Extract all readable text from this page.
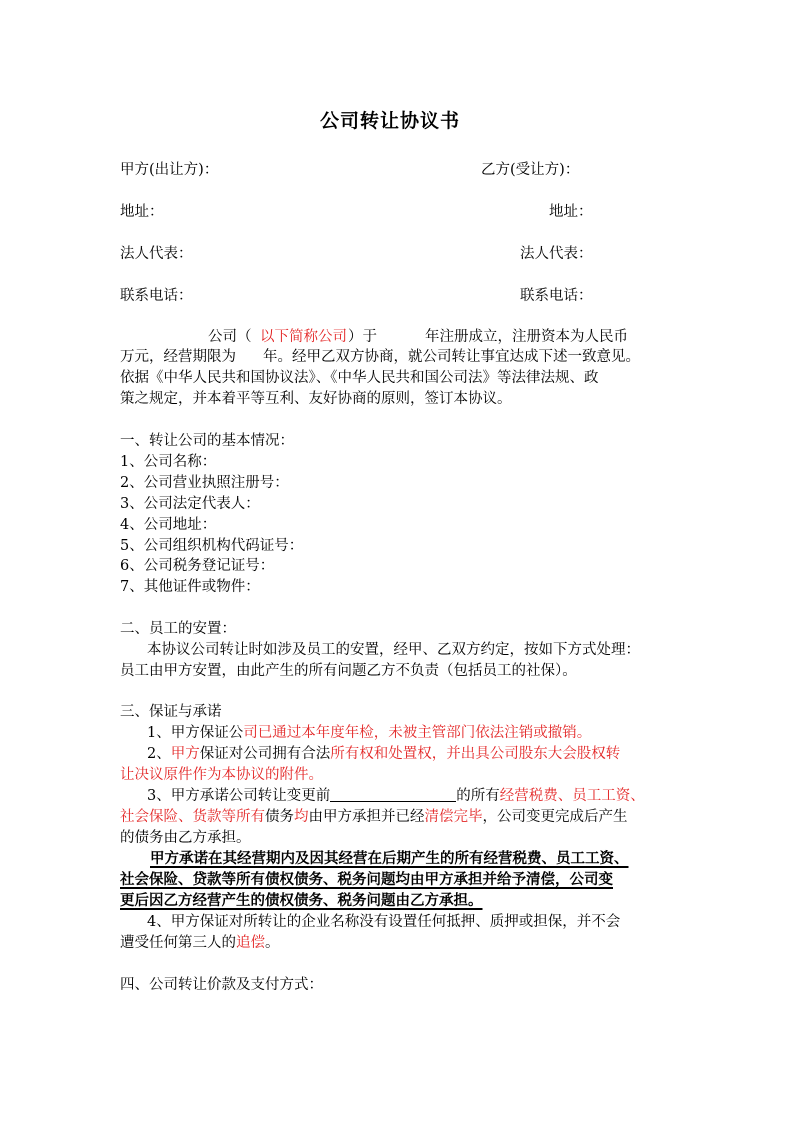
公司转让协议书
甲方(出让方)：	乙方(受让方)：
地址：	地址：
法人代表：	法人代表：
联系电话：	联系电话：
公司（ 以下简称公司 ）于	年注册成立，注册资本为人民币
万元，经营期限为 年。经甲乙双方协商，就公司转让事宜达成下述一致意见。
依据《中华人民共和国协议法》、《中华人民共和国公司法》等法律法规、政
策之规定，并本着平等互利、友好协商的原则，签订本协议。
一、转让公司的基本情况：
1、公司名称：
2、公司营业执照注册号：
3、公司法定代表人：
4、公司地址：
5、公司组织机构代码证号：
6、公司税务登记证号：
7、其他证件或物件：
二、员工的安置：
本协议公司转让时如涉及员工的安置，经甲、乙双方约定，按如下方式处理：
员工由甲方安置，由此产生的所有问题乙方不负责（包括员工的社保）。
三、保证与承诺
1、甲方保证公司已通过本年度年检，未被主管部门依法注销或撤销。
2、甲方保证对公司拥有合法所有权和处置权，并出具公司股东大会股权转
让决议原件作为本协议的附件。
3、甲方承诺公司转让变更前	的所有经营税费、员工工资、
社会保险、货款等所有债务均由甲方承担并已经清偿完毕，公司变更完成后产生
的债务由乙方承担。
甲方承诺在其经营期内及因其经营在后期产生的所有经营税费、员工工资、
社会保险、贷款等所有债权债务、税务问题均由甲方承担并给予清偿，公司变
更后因乙方经营产生的债权债务、税务问题由乙方承担。
4、甲方保证对所转让的企业名称没有设置任何抵押、质押或担保，并不会
遭受任何第三人的追偿。
四、公司转让价款及支付方式：
